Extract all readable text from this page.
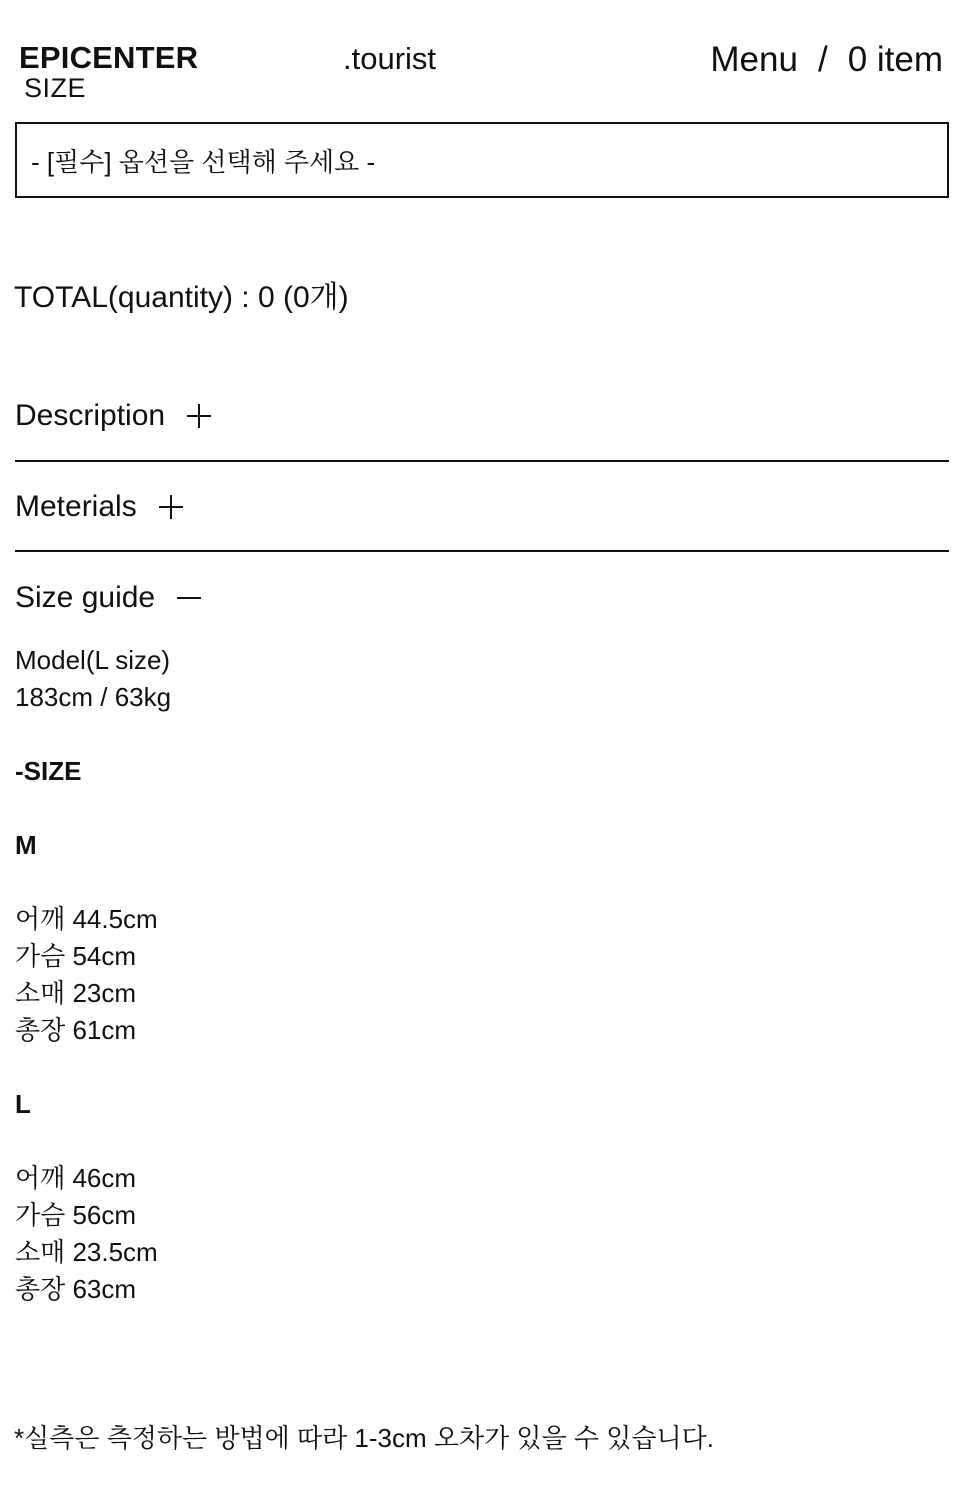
EPICENTER
SIZE
.tourist	Menu / 0 item
- [필수] 옵션을 선택해 주세요 -
TOTAL(quantity) : 0 (0개)
Description
Meterials
Size guide
Model(L size)
183cm / 63kg
-SIZE
M
어깨 44.5cm
가슴 54cm
소매 23cm
총장 61cm
L
어깨 46cm
가슴 56cm
소매 23.5cm
총장 63cm
*실측은 측정하는 방법에 따라 1-3cm 오차가 있을 수 있습니다.
